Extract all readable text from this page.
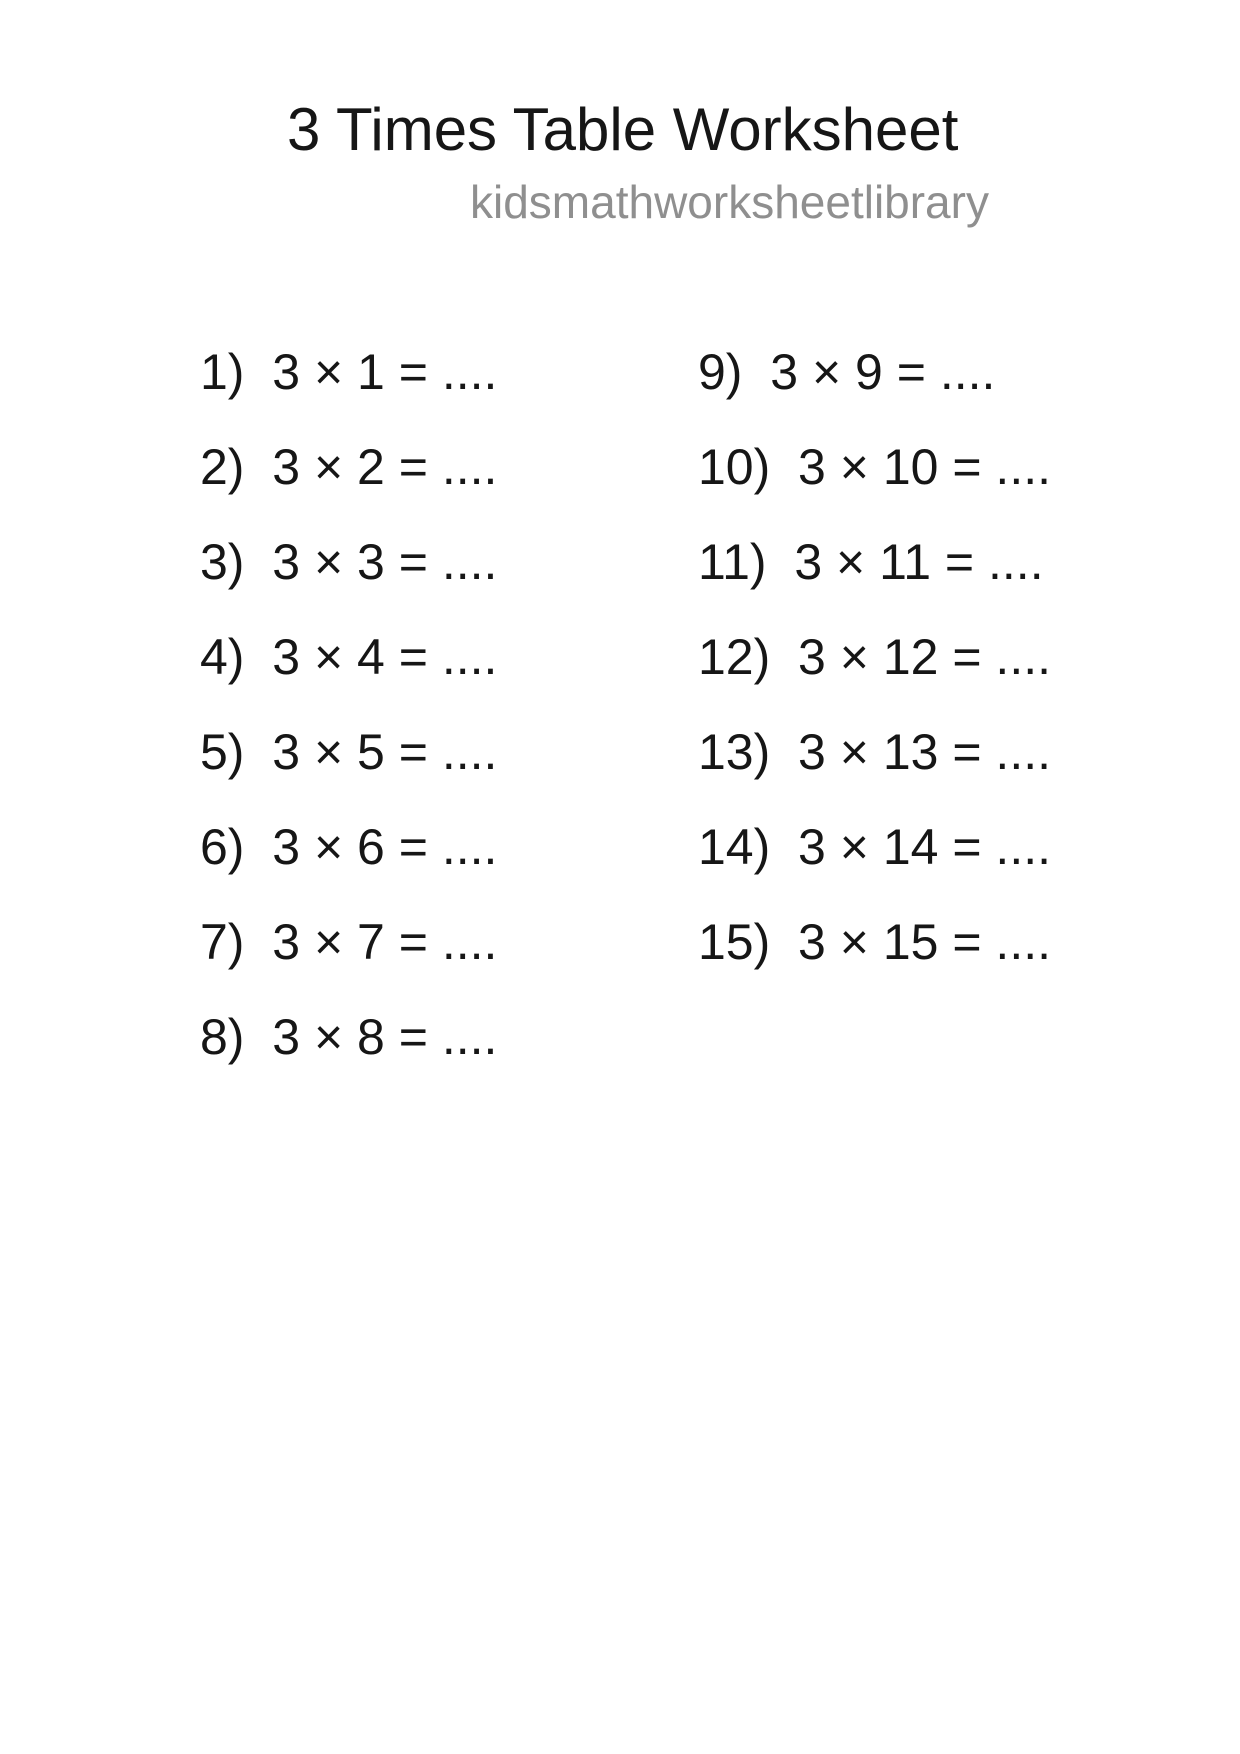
3 Times Table Worksheet
kidsmathworksheetlibrary
1)  3 × 1 = ....
2)  3 × 2 = ....
3)  3 × 3 = ....
4)  3 × 4 = ....
5)  3 × 5 = ....
6)  3 × 6 = ....
7)  3 × 7 = ....
8)  3 × 8 = ....
9)  3 × 9 = ....
10)  3 × 10 = ....
11)  3 × 11 = ....
12)  3 × 12 = ....
13)  3 × 13 = ....
14)  3 × 14 = ....
15)  3 × 15 = ....
